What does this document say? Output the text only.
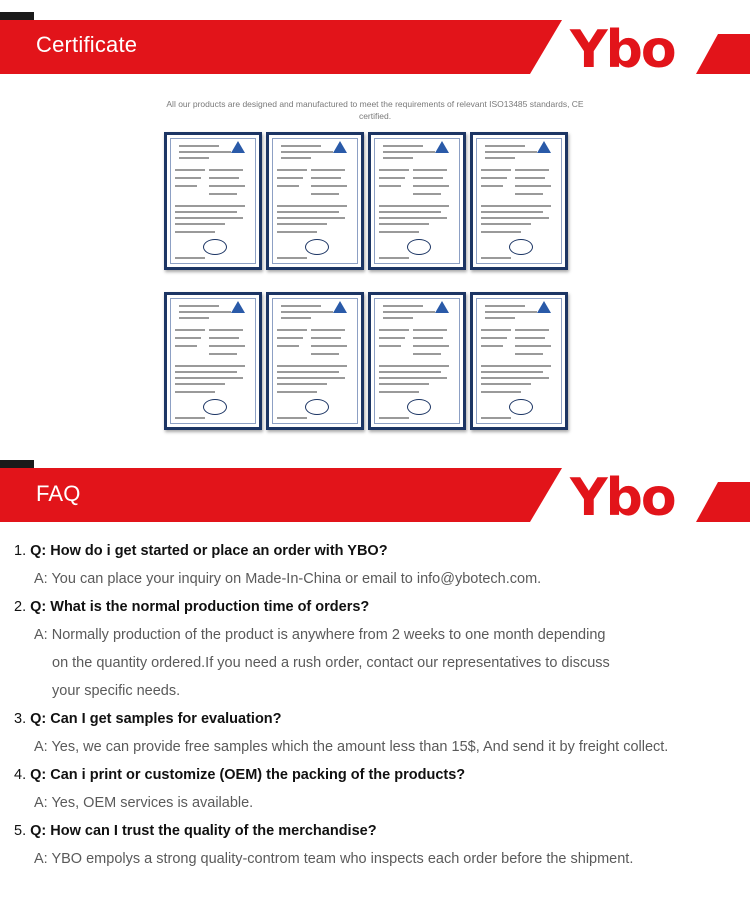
Certificate	Ybo
All our products are designed and manufactured to meet the requirements of relevant ISO13485 standards, CE certified.
FAQ	Ybo
1. Q: How do i get started or place an order with YBO?
A: You can place your inquiry on Made-In-China or email to info@ybotech.com.
2. Q: What is the normal production time of orders?
A: Normally production of the product is anywhere from 2 weeks to one month depending
on the quantity ordered.If you need a rush order, contact our representatives to discuss
your specific needs.
3. Q: Can I get samples for evaluation?
A: Yes, we can provide free samples which the amount less than 15$, And send it by freight collect.
4. Q: Can i print or customize (OEM) the packing of the products?
A: Yes, OEM services is available.
5. Q: How can I trust the quality of the merchandise?
A: YBO empolys a strong quality-controm team who inspects each order before the shipment.
